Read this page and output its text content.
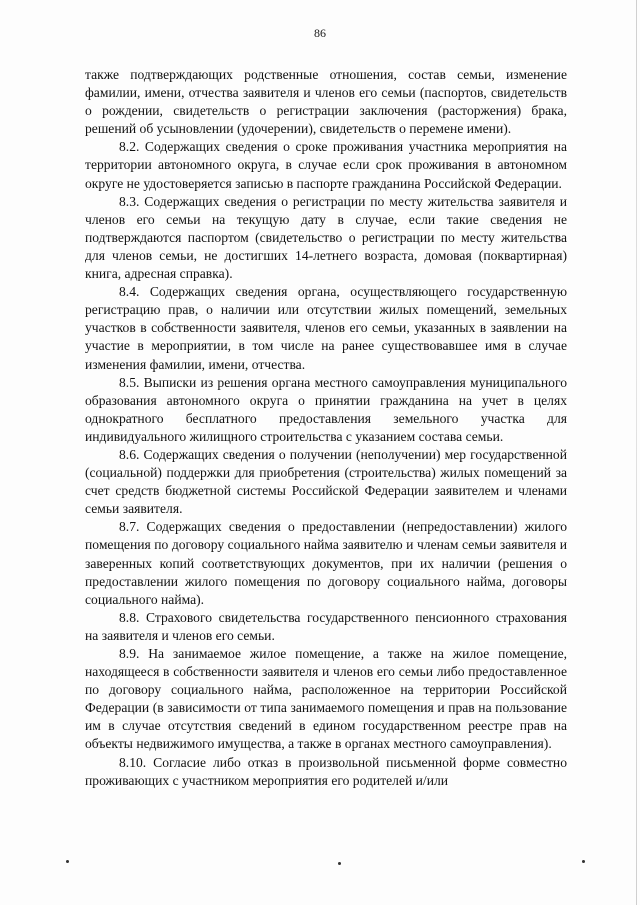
86

также подтверждающих родственные отношения, состав семьи, изменение фамилии, имени, отчества заявителя и членов его семьи (паспортов, свидетельств о рождении, свидетельств о регистрации заключения (расторжения) брака, решений об усыновлении (удочерении), свидетельств о перемене имени).

8.2. Содержащих сведения о сроке проживания участника мероприятия на территории автономного округа, в случае если срок проживания в автономном округе не удостоверяется записью в паспорте гражданина Российской Федерации.

8.3. Содержащих сведения о регистрации по месту жительства заявителя и членов его семьи на текущую дату в случае, если такие сведения не подтверждаются паспортом (свидетельство о регистрации по месту жительства для членов семьи, не достигших 14-летнего возраста, домовая (поквартирная) книга, адресная справка).

8.4. Содержащих сведения органа, осуществляющего государственную регистрацию прав, о наличии или отсутствии жилых помещений, земельных участков в собственности заявителя, членов его семьи, указанных в заявлении на участие в мероприятии, в том числе на ранее существовавшее имя в случае изменения фамилии, имени, отчества.

8.5. Выписки из решения органа местного самоуправления муниципального образования автономного округа о принятии гражданина на учет в целях однократного бесплатного предоставления земельного участка для индивидуального жилищного строительства с указанием состава семьи.

8.6. Содержащих сведения о получении (неполучении) мер государственной (социальной) поддержки для приобретения (строительства) жилых помещений за счет средств бюджетной системы Российской Федерации заявителем и членами семьи заявителя.

8.7. Содержащих сведения о предоставлении (непредоставлении) жилого помещения по договору социального найма заявителю и членам семьи заявителя и заверенных копий соответствующих документов, при их наличии (решения о предоставлении жилого помещения по договору социального найма, договоры социального найма).

8.8. Страхового свидетельства государственного пенсионного страхования на заявителя и членов его семьи.

8.9. На занимаемое жилое помещение, а также на жилое помещение, находящееся в собственности заявителя и членов его семьи либо предоставленное по договору социального найма, расположенное на территории Российской Федерации (в зависимости от типа занимаемого помещения и прав на пользование им в случае отсутствия сведений в едином государственном реестре прав на объекты недвижимого имущества, а также в органах местного самоуправления).

8.10. Согласие либо отказ в произвольной письменной форме совместно проживающих с участником мероприятия его родителей и/или
